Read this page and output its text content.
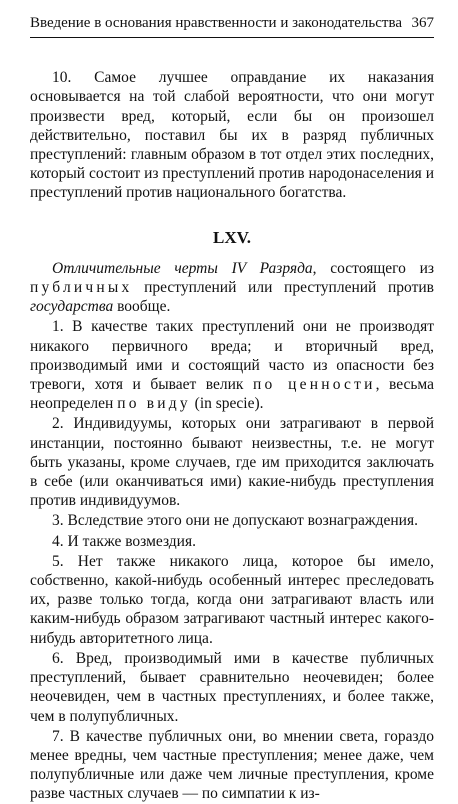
Введение в основания нравственности и законодательства 367

10. Самое лучшее оправдание их наказания основывается на той слабой вероятности, что они могут произвести вред, который, если бы он произошел действительно, поставил бы их в разряд публичных преступлений: главным образом в тот отдел этих последних, который состоит из преступлений против народонаселения и преступлений против национального богатства.

LXV.

Отличительные черты IV Разряда, состоящего из публичных преступлений или преступлений против государства вообще.

1. В качестве таких преступлений они не производят никакого первичного вреда; и вторичный вред, производимый ими и состоящий часто из опасности без тревоги, хотя и бывает велик по ценности, весьма неопределен по виду (in specie).

2. Индивидуумы, которых они затрагивают в первой инстанции, постоянно бывают неизвестны, т.е. не могут быть указаны, кроме случаев, где им приходится заключать в себе (или оканчиваться ими) какие-нибудь преступления против индивидуумов.

3. Вследствие этого они не допускают вознаграждения.

4. И также возмездия.

5. Нет также никакого лица, которое бы имело, собственно, какой-нибудь особенный интерес преследовать их, разве только тогда, когда они затрагивают власть или каким-нибудь образом затрагивают частный интерес какого-нибудь авторитетного лица.

6. Вред, производимый ими в качестве публичных преступлений, бывает сравнительно неочевиден; более неочевиден, чем в частных преступлениях, и более также, чем в полупубличных.

7. В качестве публичных они, во мнении света, гораздо менее вредны, чем частные преступления; менее даже, чем полупубличные или даже чем личные преступления, кроме разве частных случаев — по симпатии к из-
